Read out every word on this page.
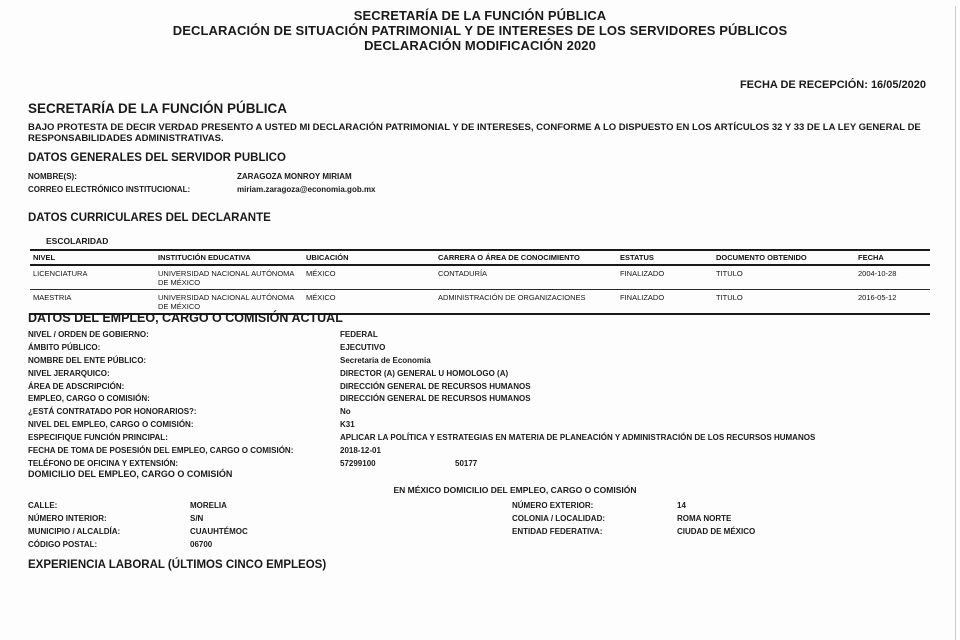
SECRETARÍA DE LA FUNCIÓN PÚBLICA
DECLARACIÓN DE SITUACIÓN PATRIMONIAL Y DE INTERESES DE LOS SERVIDORES PÚBLICOS
DECLARACIÓN MODIFICACIÓN 2020
FECHA DE RECEPCIÓN: 16/05/2020
SECRETARÍA DE LA FUNCIÓN PÚBLICA
BAJO PROTESTA DE DECIR VERDAD PRESENTO A USTED MI DECLARACIÓN PATRIMONIAL Y DE INTERESES, CONFORME A LO DISPUESTO EN LOS ARTÍCULOS 32 Y 33 DE LA LEY GENERAL DE RESPONSABILIDADES ADMINISTRATIVAS.
DATOS GENERALES DEL SERVIDOR PUBLICO
NOMBRE(S):	ZARAGOZA MONROY MIRIAM
CORREO ELECTRÓNICO INSTITUCIONAL:	miriam.zaragoza@economia.gob.mx
DATOS CURRICULARES DEL DECLARANTE
ESCOLARIDAD
NIVEL	INSTITUCIÓN EDUCATIVA	UBICACIÓN	CARRERA O ÁREA DE CONOCIMIENTO	ESTATUS	DOCUMENTO OBTENIDO	FECHA
LICENCIATURA	UNIVERSIDAD NACIONAL AUTÓNOMA DE MÉXICO	MÉXICO	CONTADURÍA	FINALIZADO	TITULO	2004-10-28
MAESTRIA	UNIVERSIDAD NACIONAL AUTÓNOMA DE MÉXICO	MÉXICO	ADMINISTRACIÓN DE ORGANIZACIONES	FINALIZADO	TITULO	2016-05-12
DATOS DEL EMPLEO, CARGO O COMISIÓN ACTUAL
NIVEL / ORDEN DE GOBIERNO:	FEDERAL
ÁMBITO PÚBLICO:	EJECUTIVO
NOMBRE DEL ENTE PÚBLICO:	Secretaria de Economia
NIVEL JERARQUICO:	DIRECTOR (A) GENERAL U HOMOLOGO (A)
ÁREA DE ADSCRIPCIÓN:	DIRECCIÓN GENERAL DE RECURSOS HUMANOS
EMPLEO, CARGO O COMISIÓN:	DIRECCIÓN GENERAL DE RECURSOS HUMANOS
¿ESTÁ CONTRATADO POR HONORARIOS?:	No
NIVEL DEL EMPLEO, CARGO O COMISIÓN:	K31
ESPECIFIQUE FUNCIÓN PRINCIPAL:	APLICAR LA POLÍTICA Y ESTRATEGIAS EN MATERIA DE PLANEACIÓN Y ADMINISTRACIÓN DE LOS RECURSOS HUMANOS
FECHA DE TOMA DE POSESIÓN DEL EMPLEO, CARGO O COMISIÓN:	2018-12-01
TELÉFONO DE OFICINA Y EXTENSIÓN:	57299100	50177
DOMICILIO DEL EMPLEO, CARGO O COMISIÓN
EN MÉXICO DOMICILIO DEL EMPLEO, CARGO O COMISIÓN
CALLE:	MORELIA
NÚMERO INTERIOR:	S/N
MUNICIPIO / ALCALDÍA:	CUAUHTÉMOC
CÓDIGO POSTAL:	06700
NÚMERO EXTERIOR:	14
COLONIA / LOCALIDAD:	ROMA NORTE
ENTIDAD FEDERATIVA:	CIUDAD DE MÉXICO
EXPERIENCIA LABORAL (ÚLTIMOS CINCO EMPLEOS)
